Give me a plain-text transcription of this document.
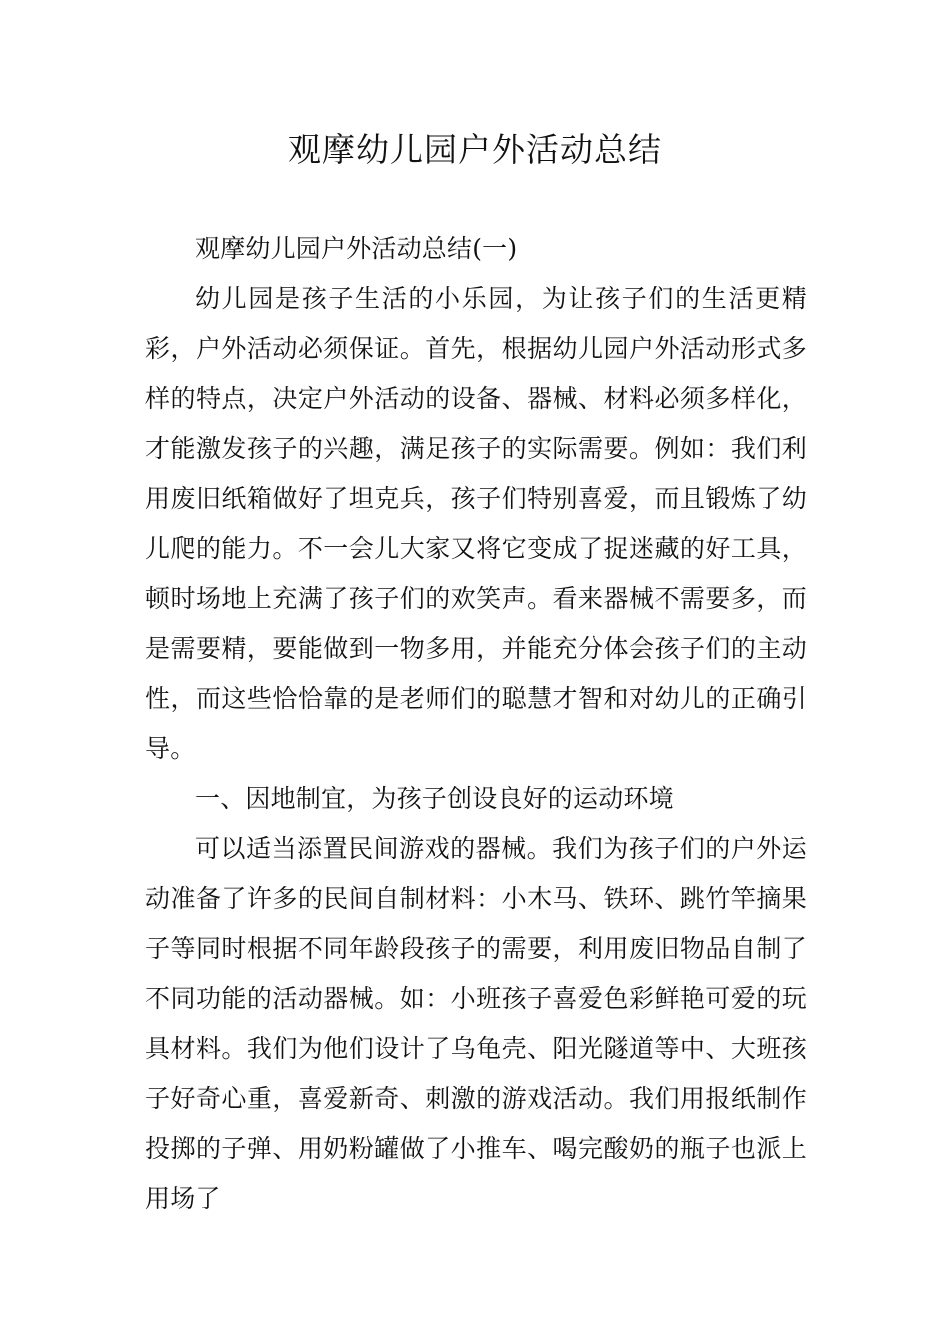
观摩幼儿园户外活动总结

观摩幼儿园户外活动总结(一)

幼儿园是孩子生活的小乐园，为让孩子们的生活更精彩，户外活动必须保证。首先，根据幼儿园户外活动形式多样的特点，决定户外活动的设备、器械、材料必须多样化，才能激发孩子的兴趣，满足孩子的实际需要。例如：我们利用废旧纸箱做好了坦克兵，孩子们特别喜爱，而且锻炼了幼儿爬的能力。不一会儿大家又将它变成了捉迷藏的好工具，顿时场地上充满了孩子们的欢笑声。看来器械不需要多，而是需要精，要能做到一物多用，并能充分体会孩子们的主动性，而这些恰恰靠的是老师们的聪慧才智和对幼儿的正确引导。

一、因地制宜，为孩子创设良好的运动环境

可以适当添置民间游戏的器械。我们为孩子们的户外运动准备了许多的民间自制材料：小木马、铁环、跳竹竿摘果子等同时根据不同年龄段孩子的需要，利用废旧物品自制了不同功能的活动器械。如：小班孩子喜爱色彩鲜艳可爱的玩具材料。我们为他们设计了乌龟壳、阳光隧道等中、大班孩子好奇心重，喜爱新奇、刺激的游戏活动。我们用报纸制作投掷的子弹、用奶粉罐做了小推车、喝完酸奶的瓶子也派上用场了
